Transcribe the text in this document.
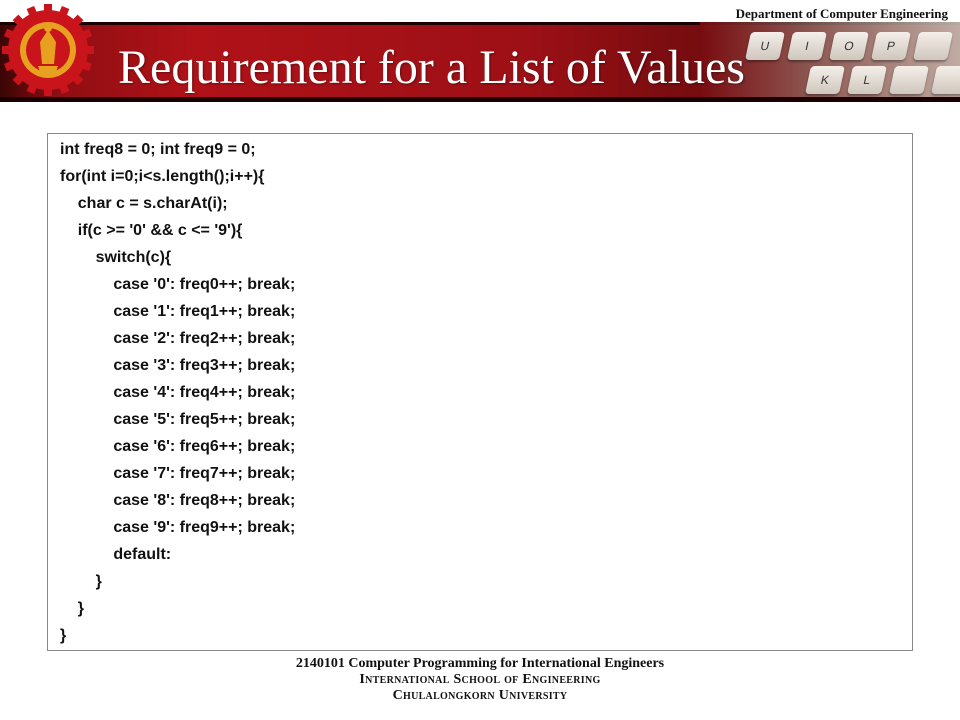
Department of Computer Engineering
U	I	O	P
K	L
Requirement for a List of Values
int freq8 = 0; int freq9 = 0;
for(int i=0;i<s.length();i++){
char c = s.charAt(i);
if(c >= '0' && c <= '9'){
switch(c){
case '0': freq0++; break;
case '1': freq1++; break;
case '2': freq2++; break;
case '3': freq3++; break;
case '4': freq4++; break;
case '5': freq5++; break;
case '6': freq6++; break;
case '7': freq7++; break;
case '8': freq8++; break;
case '9': freq9++; break;
default:
}
}
}
2140101 Computer Programming for International Engineers
International School of Engineering
Chulalongkorn University
